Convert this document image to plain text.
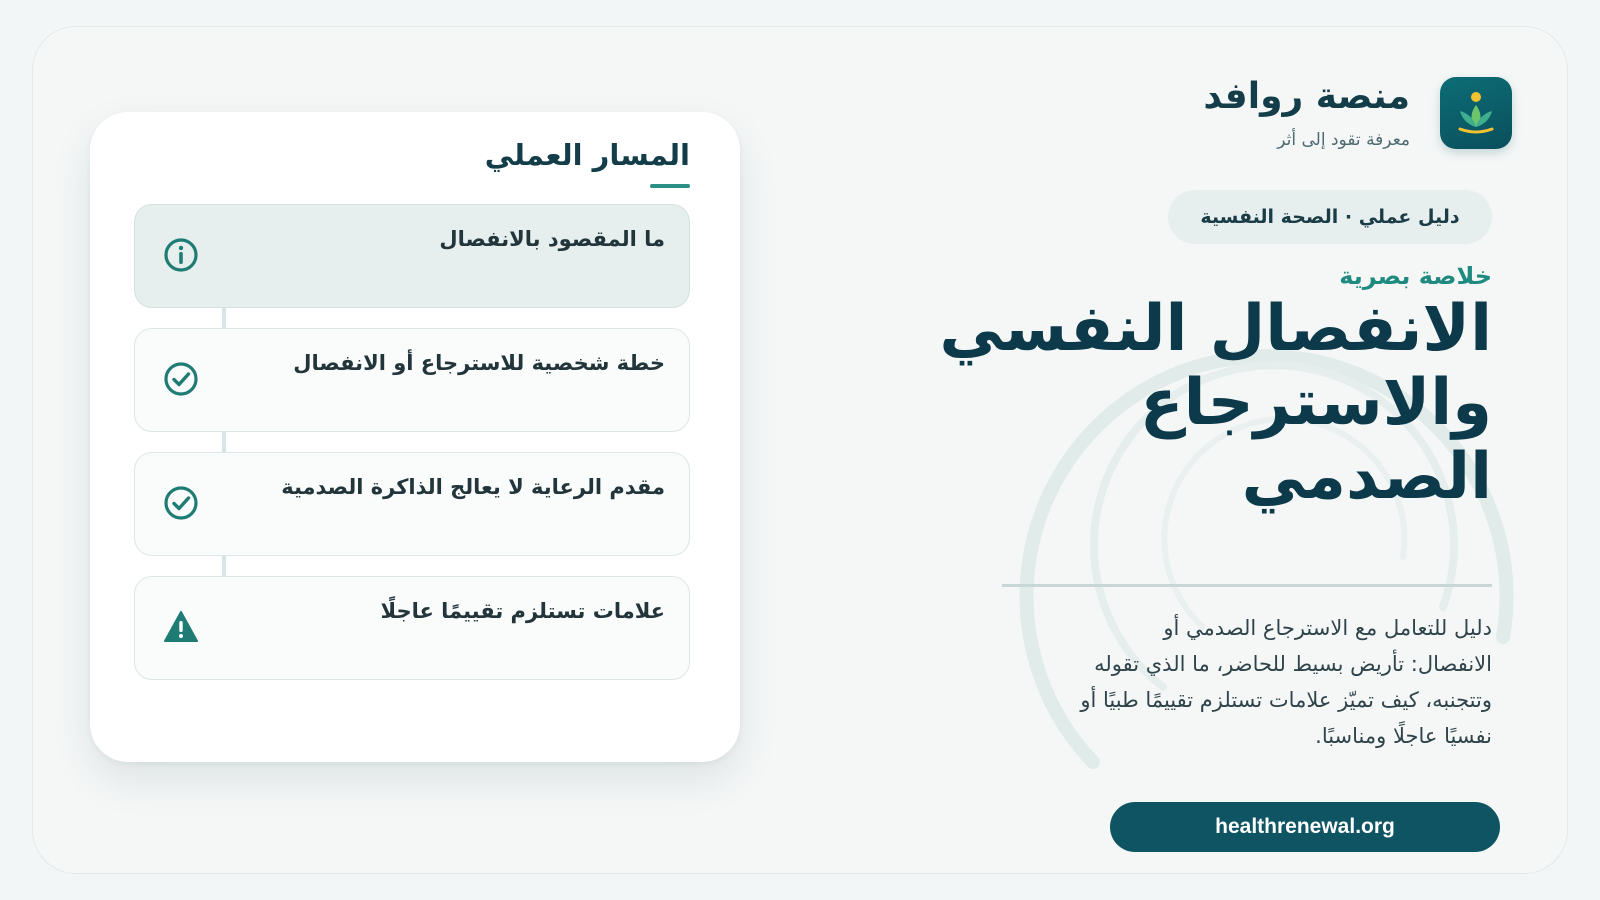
منصة روافد
معرفة تقود إلى أثر
دليل عملي · الصحة النفسية
خلاصة بصرية
الانفصال النفسي
والاسترجاع
الصدمي
دليل للتعامل مع الاسترجاع الصدمي أو الانفصال: تأريض بسيط للحاضر، ما الذي تقوله وتتجنبه، كيف تميّز علامات تستلزم تقييمًا طبيًا أو نفسيًا عاجلًا ومناسبًا.
healthrenewal.org
المسار العملي
ما المقصود بالانفصال
خطة شخصية للاسترجاع أو الانفصال
مقدم الرعاية لا يعالج الذاكرة الصدمية
علامات تستلزم تقييمًا عاجلًا
